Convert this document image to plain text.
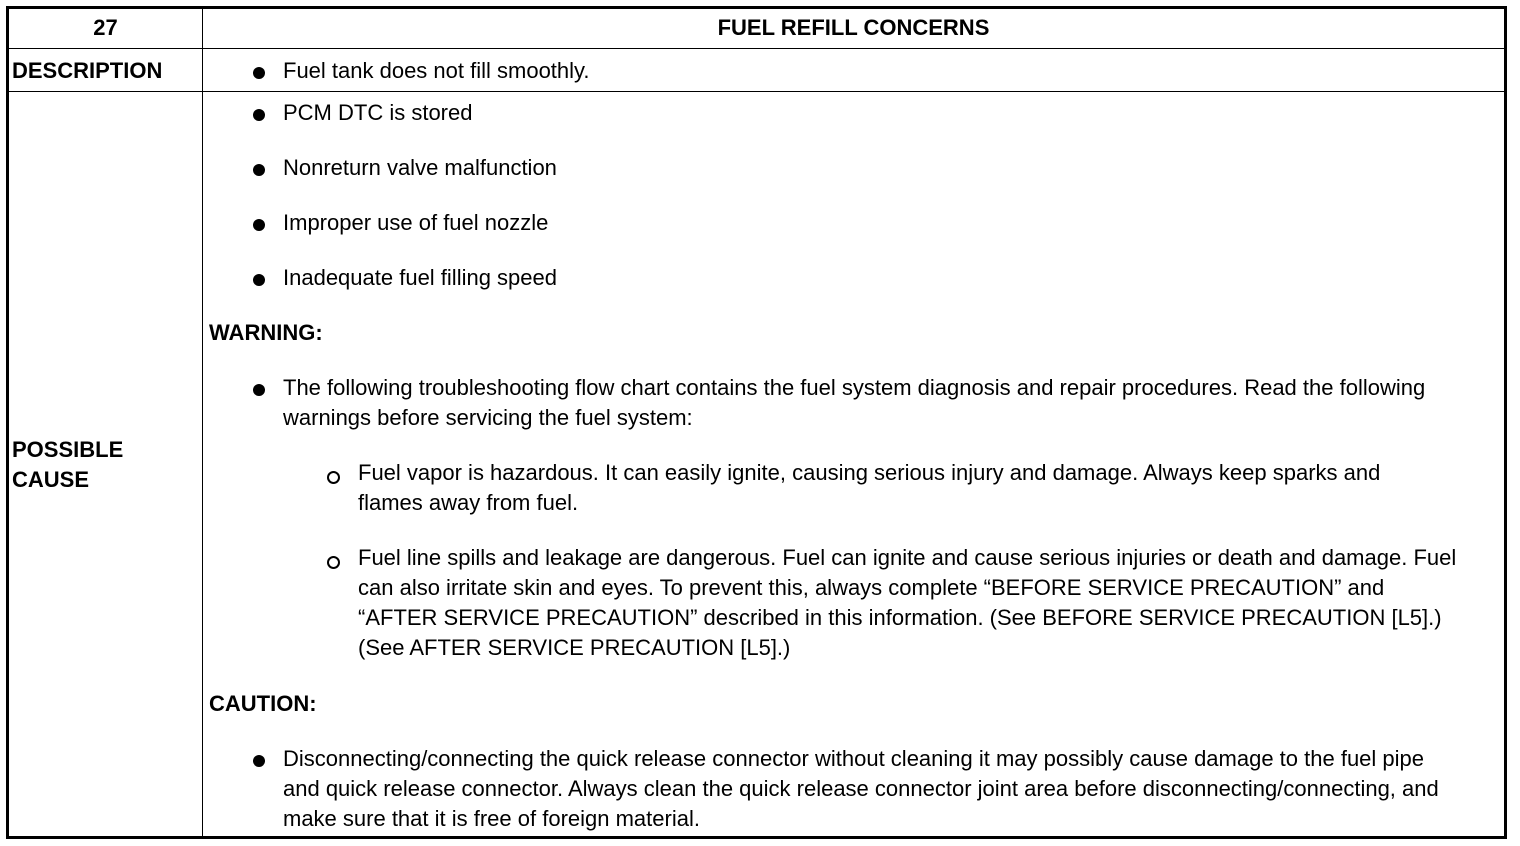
27	FUEL REFILL CONCERNS
DESCRIPTION	Fuel tank does not fill smoothly.
POSSIBLE CAUSE
PCM DTC is stored
Nonreturn valve malfunction
Improper use of fuel nozzle
Inadequate fuel filling speed
WARNING:
The following troubleshooting flow chart contains the fuel system diagnosis and repair procedures. Read the following warnings before servicing the fuel system:
Fuel vapor is hazardous. It can easily ignite, causing serious injury and damage. Always keep sparks and flames away from fuel.
Fuel line spills and leakage are dangerous. Fuel can ignite and cause serious injuries or death and damage. Fuel can also irritate skin and eyes. To prevent this, always complete “BEFORE SERVICE PRECAUTION” and “AFTER SERVICE PRECAUTION” described in this information. (See BEFORE SERVICE PRECAUTION [L5].) (See AFTER SERVICE PRECAUTION [L5].)
CAUTION:
Disconnecting/connecting the quick release connector without cleaning it may possibly cause damage to the fuel pipe and quick release connector. Always clean the quick release connector joint area before disconnecting/connecting, and make sure that it is free of foreign material.
